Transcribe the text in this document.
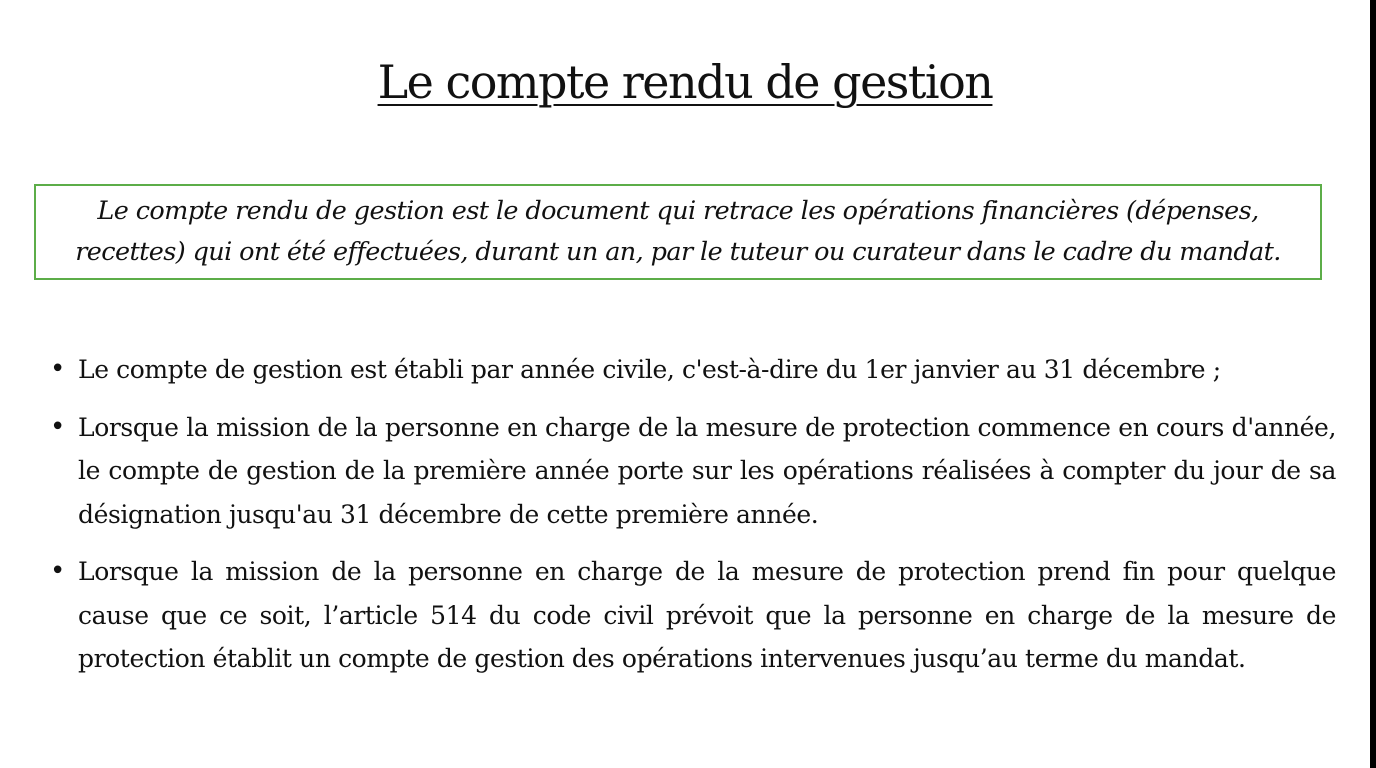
Le compte rendu de gestion

Le compte rendu de gestion est le document qui retrace les opérations financières (dépenses, recettes) qui ont été effectuées, durant un an, par le tuteur ou curateur dans le cadre du mandat.

• Le compte de gestion est établi par année civile, c'est-à-dire du 1er janvier au 31 décembre ;
• Lorsque la mission de la personne en charge de la mesure de protection commence en cours d'année, le compte de gestion de la première année porte sur les opérations réalisées à compter du jour de sa désignation jusqu'au 31 décembre de cette première année.
• Lorsque la mission de la personne en charge de la mesure de protection prend fin pour quelque cause que ce soit, l’article 514 du code civil prévoit que la personne en charge de la mesure de protection établit un compte de gestion des opérations intervenues jusqu’au terme du mandat.
